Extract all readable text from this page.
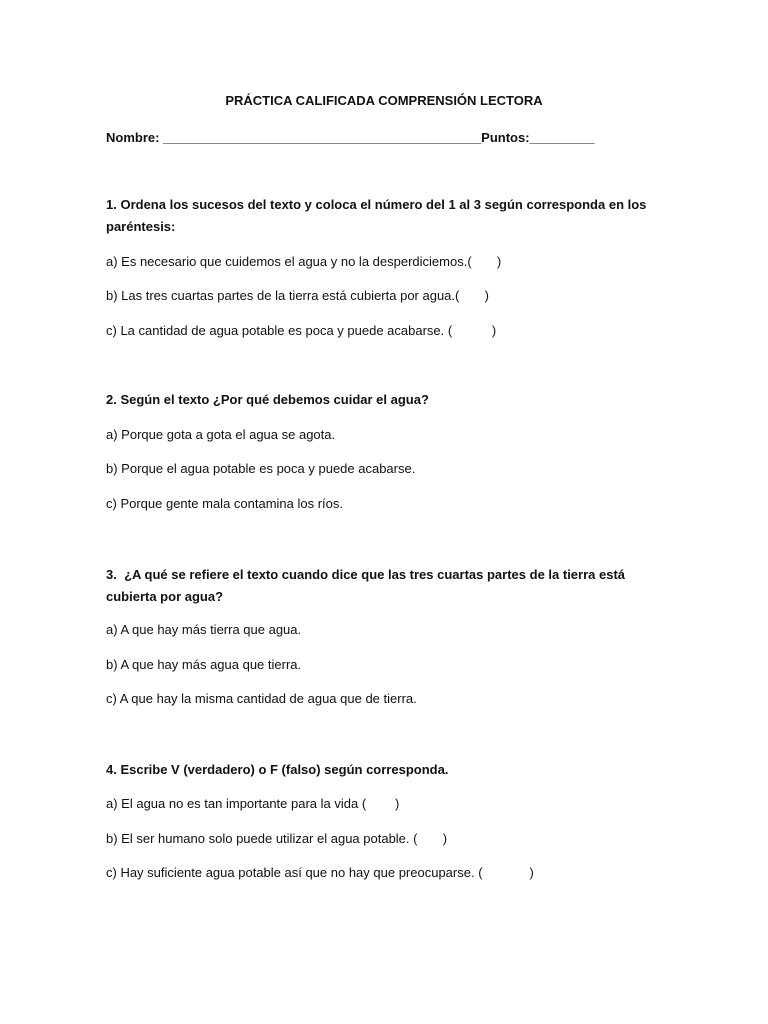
PRÁCTICA CALIFICADA COMPRENSIÓN LECTORA
Nombre: ____________________________________________Puntos:_________
1. Ordena los sucesos del texto y coloca el número del 1 al 3 según corresponda en los
paréntesis:
a) Es necesario que cuidemos el agua y no la desperdiciemos.(       )
b) Las tres cuartas partes de la tierra está cubierta por agua.(       )
c) La cantidad de agua potable es poca y puede acabarse. (           )
2. Según el texto ¿Por qué debemos cuidar el agua?
a) Porque gota a gota el agua se agota.
b) Porque el agua potable es poca y puede acabarse.
c) Porque gente mala contamina los ríos.
3.  ¿A qué se refiere el texto cuando dice que las tres cuartas partes de la tierra está
cubierta por agua?
a) A que hay más tierra que agua.
b) A que hay más agua que tierra.
c) A que hay la misma cantidad de agua que de tierra.
4. Escribe V (verdadero) o F (falso) según corresponda.
a) El agua no es tan importante para la vida (        )
b) El ser humano solo puede utilizar el agua potable. (       )
c) Hay suficiente agua potable así que no hay que preocuparse. (             )
